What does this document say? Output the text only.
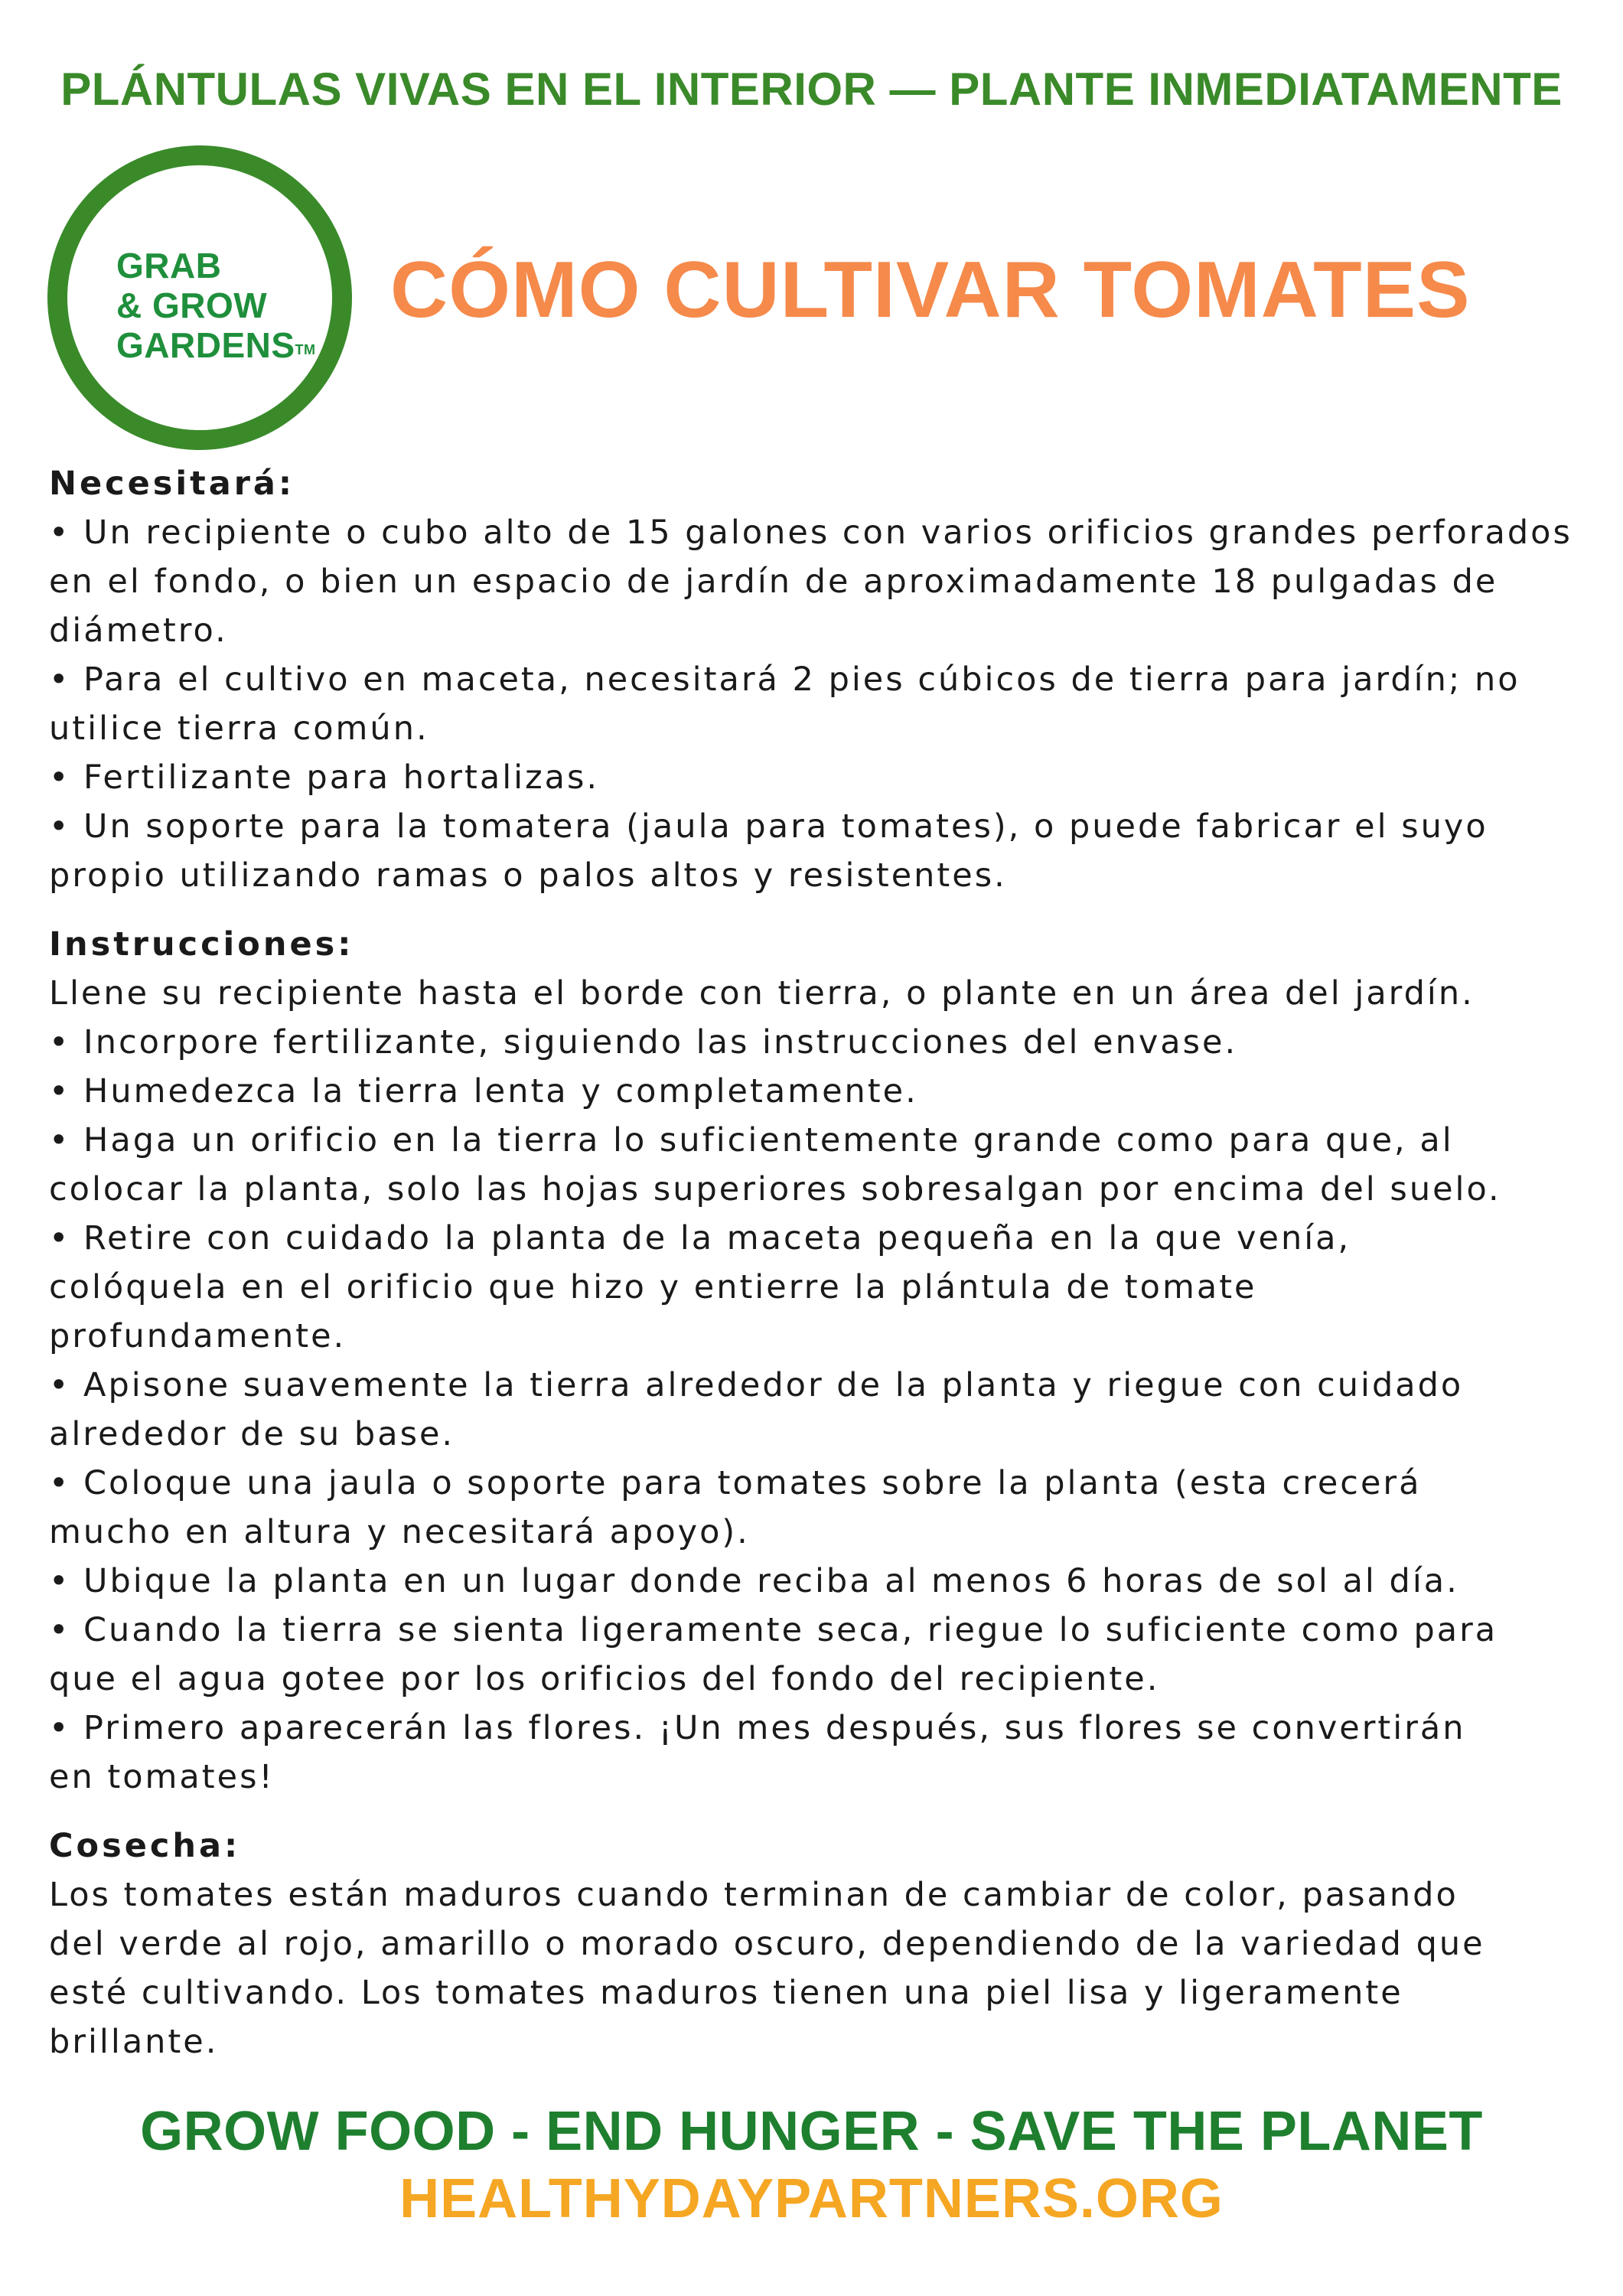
PLÁNTULAS VIVAS EN EL INTERIOR — PLANTE INMEDIATAMENTE
GRAB
& GROW
GARDENS™
CÓMO CULTIVAR TOMATES
Necesitará:
• Un recipiente o cubo alto de 15 galones con varios orificios grandes perforados
en el fondo, o bien un espacio de jardín de aproximadamente 18 pulgadas de
diámetro.
• Para el cultivo en maceta, necesitará 2 pies cúbicos de tierra para jardín; no
utilice tierra común.
• Fertilizante para hortalizas.
• Un soporte para la tomatera (jaula para tomates), o puede fabricar el suyo
propio utilizando ramas o palos altos y resistentes.
Instrucciones:
Llene su recipiente hasta el borde con tierra, o plante en un área del jardín.
• Incorpore fertilizante, siguiendo las instrucciones del envase.
• Humedezca la tierra lenta y completamente.
• Haga un orificio en la tierra lo suficientemente grande como para que, al
colocar la planta, solo las hojas superiores sobresalgan por encima del suelo.
• Retire con cuidado la planta de la maceta pequeña en la que venía,
colóquela en el orificio que hizo y entierre la plántula de tomate
profundamente.
• Apisone suavemente la tierra alrededor de la planta y riegue con cuidado
alrededor de su base.
• Coloque una jaula o soporte para tomates sobre la planta (esta crecerá
mucho en altura y necesitará apoyo).
• Ubique la planta en un lugar donde reciba al menos 6 horas de sol al día.
• Cuando la tierra se sienta ligeramente seca, riegue lo suficiente como para
que el agua gotee por los orificios del fondo del recipiente.
• Primero aparecerán las flores. ¡Un mes después, sus flores se convertirán
en tomates!
Cosecha:
Los tomates están maduros cuando terminan de cambiar de color, pasando
del verde al rojo, amarillo o morado oscuro, dependiendo de la variedad que
esté cultivando. Los tomates maduros tienen una piel lisa y ligeramente
brillante.
GROW FOOD - END HUNGER - SAVE THE PLANET
HEALTHYDAYPARTNERS.ORG
